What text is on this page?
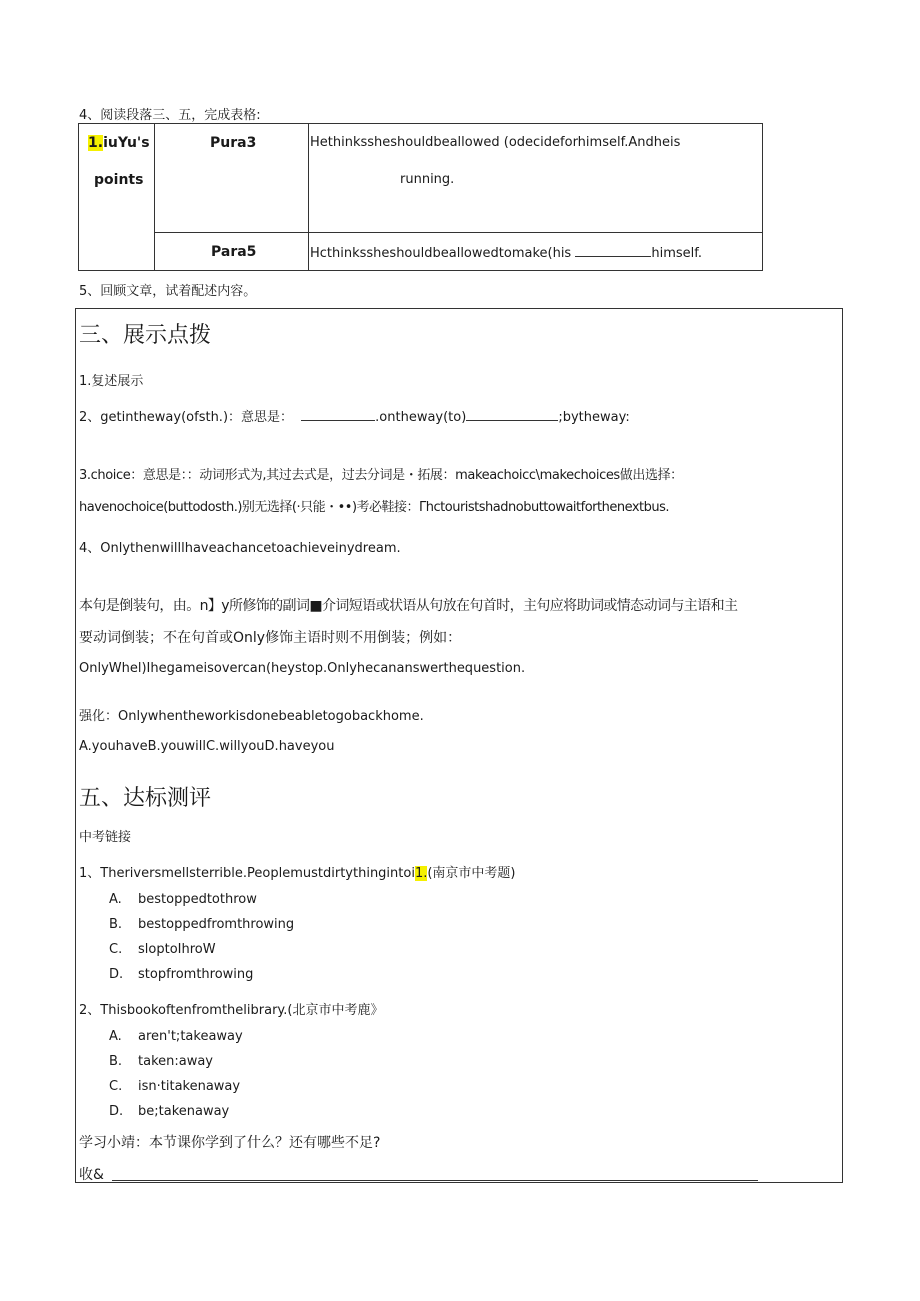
4、阅读段落三、五，完成表格:
1.iuYu's
points
Pura3	Hethinkssheshouldbeallowed (odecideforhimself.Andheis
running.
Para5	Hcthinkssheshouldbeallowedtomake(his	himself.
5、回顾文章，试着配述内容。
三、展示点拨
1.复述展示
2、getintheway(ofsth.)：意思是：	.ontheway(to)	;bytheway:
3.choice：意思是：：动词形式为,其过去式是，过去分词是・拓展：makeachoicc\makechoices做出选择：
havenochoice(buttodosth.)别无选择(·只能・••)考必鞋接：Γhctouristshadnobuttowaitforthenextbus.
4、Onlythenwilllhaveachancetoachieveinydream.
本句是倒装句，由。n】y所修饰的副词■介词短语或状语从句放在句首时，主句应将助词或情态动词与主语和主
要动词倒装；不在句首或Only修饰主语时则不用倒装；例如：
OnlyWhel)Ihegameisovercan(heystop.Onlyhecananswerthequestion.
强化：Onlywhentheworkisdonebeabletogobackhome.
A.youhaveB.youwillC.willyouD.haveyou
五、达标测评
中考链接
1、Theriversmellsterrible.Peoplemustdirtythingintoi1.(南京市中考题)
A. bestoppedtothrow
B. bestoppedfromthrowing
C. sloptoIhroW
D. stopfromthrowing
2、Thisbookoftenfromthelibrary.(北京市中考鹿》
A. aren't;takeaway
B. taken:away
C. isn·titakenaway
D. be;takenaway
学习小靖：本节课你学到了什么？还有哪些不足?
收&
